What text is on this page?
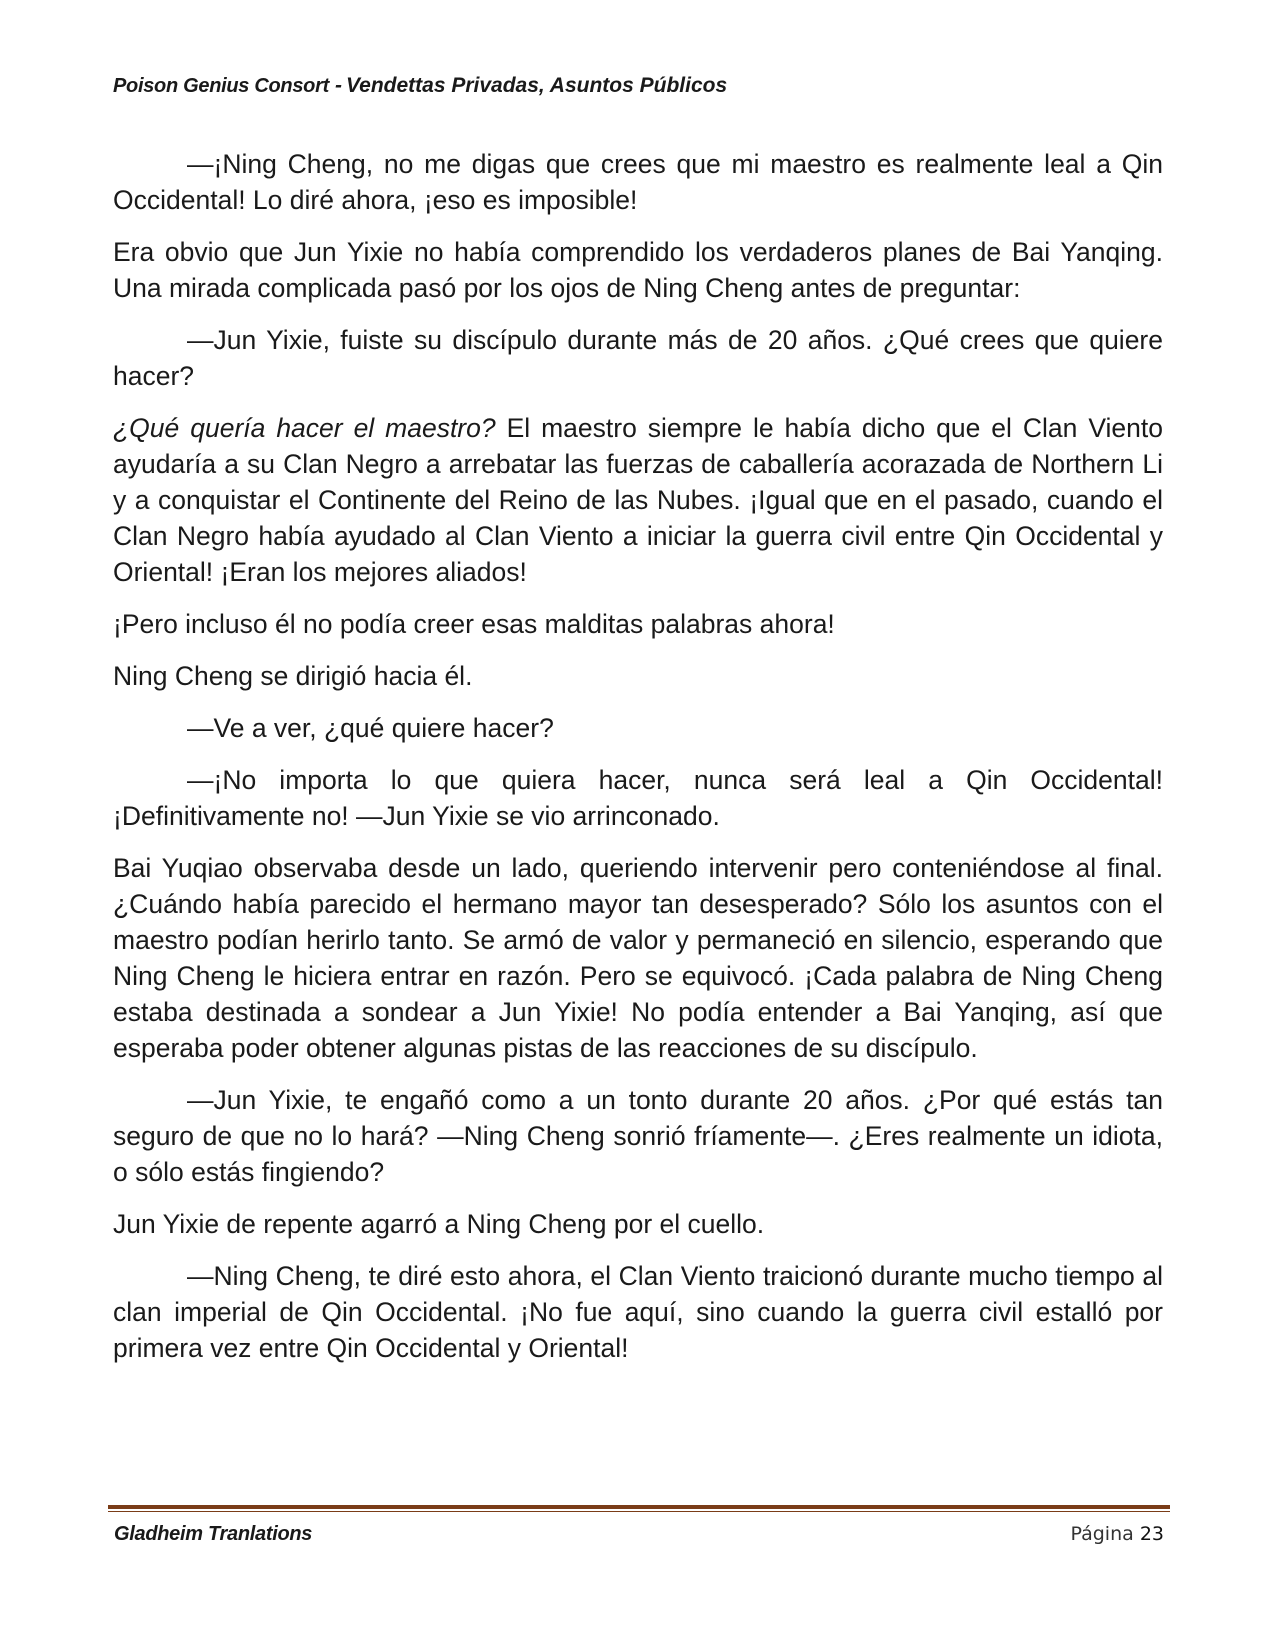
Poison Genius Consort - Vendettas Privadas, Asuntos Públicos

—¡Ning Cheng, no me digas que crees que mi maestro es realmente leal a Qin Occidental! Lo diré ahora, ¡eso es imposible!

Era obvio que Jun Yixie no había comprendido los verdaderos planes de Bai Yanqing. Una mirada complicada pasó por los ojos de Ning Cheng antes de preguntar:

—Jun Yixie, fuiste su discípulo durante más de 20 años. ¿Qué crees que quiere hacer?

¿Qué quería hacer el maestro? El maestro siempre le había dicho que el Clan Viento ayudaría a su Clan Negro a arrebatar las fuerzas de caballería acorazada de Northern Li y a conquistar el Continente del Reino de las Nubes. ¡Igual que en el pasado, cuando el Clan Negro había ayudado al Clan Viento a iniciar la guerra civil entre Qin Occidental y Oriental! ¡Eran los mejores aliados!

¡Pero incluso él no podía creer esas malditas palabras ahora!

Ning Cheng se dirigió hacia él.

—Ve a ver, ¿qué quiere hacer?

—¡No importa lo que quiera hacer, nunca será leal a Qin Occidental! ¡Definitivamente no! —Jun Yixie se vio arrinconado.

Bai Yuqiao observaba desde un lado, queriendo intervenir pero conteniéndose al final. ¿Cuándo había parecido el hermano mayor tan desesperado? Sólo los asuntos con el maestro podían herirlo tanto. Se armó de valor y permaneció en silencio, esperando que Ning Cheng le hiciera entrar en razón. Pero se equivocó. ¡Cada palabra de Ning Cheng estaba destinada a sondear a Jun Yixie! No podía entender a Bai Yanqing, así que esperaba poder obtener algunas pistas de las reacciones de su discípulo.

—Jun Yixie, te engañó como a un tonto durante 20 años. ¿Por qué estás tan seguro de que no lo hará? —Ning Cheng sonrió fríamente—. ¿Eres realmente un idiota, o sólo estás fingiendo?

Jun Yixie de repente agarró a Ning Cheng por el cuello.

—Ning Cheng, te diré esto ahora, el Clan Viento traicionó durante mucho tiempo al clan imperial de Qin Occidental. ¡No fue aquí, sino cuando la guerra civil estalló por primera vez entre Qin Occidental y Oriental!

Gladheim Tranlations	Página 23
